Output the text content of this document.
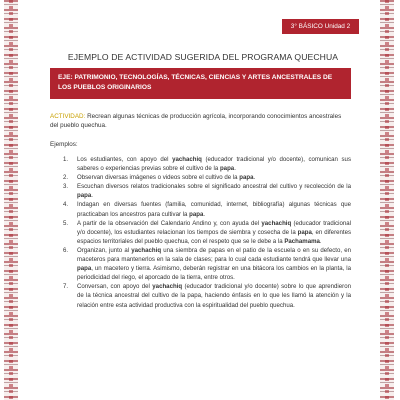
3° BÁSICO Unidad 2
EJEMPLO DE ACTIVIDAD SUGERIDA DEL PROGRAMA QUECHUA
EJE: PATRIMONIO, TECNOLOGÍAS, TÉCNICAS, CIENCIAS Y ARTES ANCESTRALES DE LOS PUEBLOS ORIGINARIOS

ACTIVIDAD: Recrean algunas técnicas de producción agrícola, incorporando conocimientos ancestrales del pueblo quechua.

Ejemplos:
1. Los estudiantes, con apoyo del yachachiq (educador tradicional y/o docente), comunican sus saberes o experiencias previas sobre el cultivo de la papa.
2. Observan diversas imágenes o videos sobre el cultivo de la papa.
3. Escuchan diversos relatos tradicionales sobre el significado ancestral del cultivo y recolección de la papa.
4. Indagan en diversas fuentes (familia, comunidad, internet, bibliografía) algunas técnicas que practicaban los ancestros para cultivar la papa.
5. A partir de la observación del Calendario Andino y, con ayuda del yachachiq (educador tradicional y/o docente), los estudiantes relacionan los tiempos de siembra y cosecha de la papa, en diferentes espacios territoriales del pueblo quechua, con el respeto que se le debe a la Pachamama.
6. Organizan, junto al yachachiq una siembra de papas en el patio de la escuela o en su defecto, en maceteros para mantenerlos en la sala de clases; para lo cual cada estudiante tendrá que llevar una papa, un macetero y tierra. Asimismo, deberán registrar en una bitácora los cambios en la planta, la periodicidad del riego, el aporcado de la tierra, entre otros.
7. Conversan, con apoyo del yachachiq (educador tradicional y/o docente) sobre lo que aprendieron de la técnica ancestral del cultivo de la papa, haciendo énfasis en lo que les llamó la atención y la relación entre esta actividad productiva con la espiritualidad del pueblo quechua.
